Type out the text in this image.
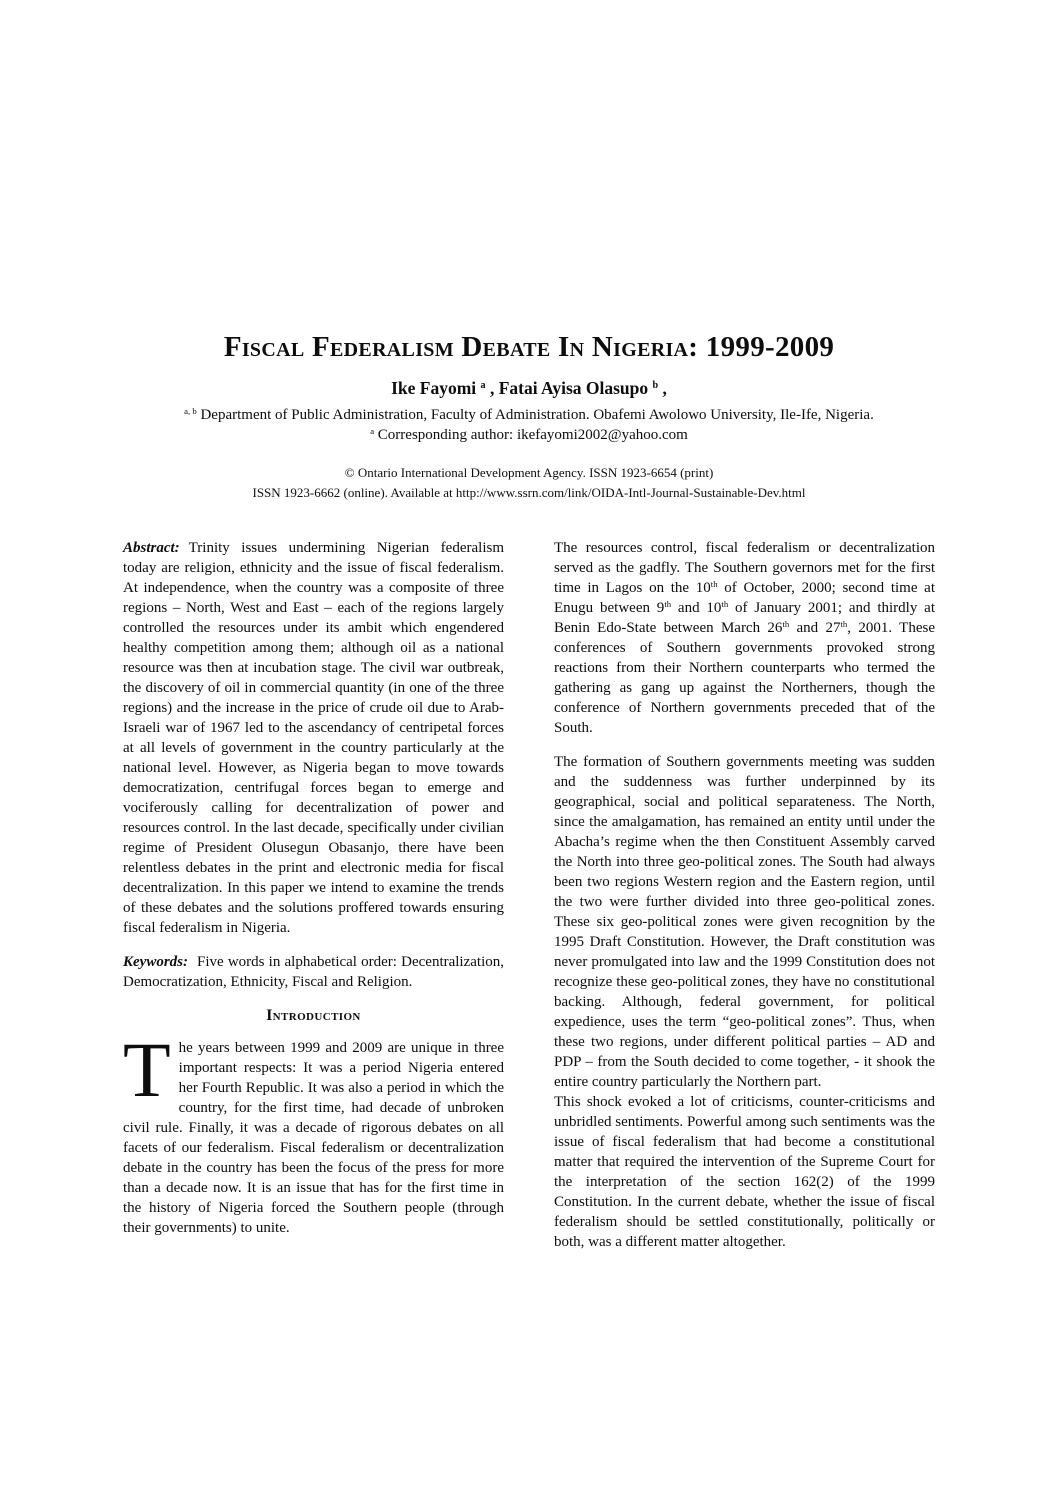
Fiscal Federalism Debate In Nigeria: 1999-2009

Ike Fayomi $^a$ , Fatai Ayisa Olasupo $^b$ ,

$^{a, b}$ Department of Public Administration, Faculty of Administration. Obafemi Awolowo University, Ile-Ife, Nigeria.

$^a$ Corresponding author: ikefayomi2002@yahoo.com

© Ontario International Development Agency. ISSN 1923-6654 (print)

ISSN 1923-6662 (online). Available at http://www.ssrn.com/link/OIDA-Intl-Journal-Sustainable-Dev.html

Abstract: Trinity issues undermining Nigerian federalism today are religion, ethnicity and the issue of fiscal federalism. At independence, when the country was a composite of three regions – North, West and East – each of the regions largely controlled the resources under its ambit which engendered healthy competition among them; although oil as a national resource was then at incubation stage. The civil war outbreak, the discovery of oil in commercial quantity (in one of the three regions) and the increase in the price of crude oil due to Arab-Israeli war of 1967 led to the ascendancy of centripetal forces at all levels of government in the country particularly at the national level. However, as Nigeria began to move towards democratization, centrifugal forces began to emerge and vociferously calling for decentralization of power and resources control. In the last decade, specifically under civilian regime of President Olusegun Obasanjo, there have been relentless debates in the print and electronic media for fiscal decentralization. In this paper we intend to examine the trends of these debates and the solutions proffered towards ensuring fiscal federalism in Nigeria.

Keywords: Five words in alphabetical order: Decentralization, Democratization, Ethnicity, Fiscal and Religion.

Introduction

The years between 1999 and 2009 are unique in three important respects: It was a period Nigeria entered her Fourth Republic. It was also a period in which the country, for the first time, had decade of unbroken civil rule. Finally, it was a decade of rigorous debates on all facets of our federalism. Fiscal federalism or decentralization debate in the country has been the focus of the press for more than a decade now. It is an issue that has for the first time in the history of Nigeria forced the Southern people (through their governments) to unite.

The resources control, fiscal federalism or decentralization served as the gadfly. The Southern governors met for the first time in Lagos on the 10th of October, 2000; second time at Enugu between 9th and 10th of January 2001; and thirdly at Benin Edo-State between March 26th and 27th, 2001. These conferences of Southern governments provoked strong reactions from their Northern counterparts who termed the gathering as gang up against the Northerners, though the conference of Northern governments preceded that of the South.

The formation of Southern governments meeting was sudden and the suddenness was further underpinned by its geographical, social and political separateness. The North, since the amalgamation, has remained an entity until under the Abacha’s regime when the then Constituent Assembly carved the North into three geo-political zones. The South had always been two regions Western region and the Eastern region, until the two were further divided into three geo-political zones. These six geo-political zones were given recognition by the 1995 Draft Constitution. However, the Draft constitution was never promulgated into law and the 1999 Constitution does not recognize these geo-political zones, they have no constitutional backing. Although, federal government, for political expedience, uses the term “geo-political zones”. Thus, when these two regions, under different political parties – AD and PDP – from the South decided to come together, - it shook the entire country particularly the Northern part.

This shock evoked a lot of criticisms, counter-criticisms and unbridled sentiments. Powerful among such sentiments was the issue of fiscal federalism that had become a constitutional matter that required the intervention of the Supreme Court for the interpretation of the section 162(2) of the 1999 Constitution. In the current debate, whether the issue of fiscal federalism should be settled constitutionally, politically or both, was a different matter altogether.
